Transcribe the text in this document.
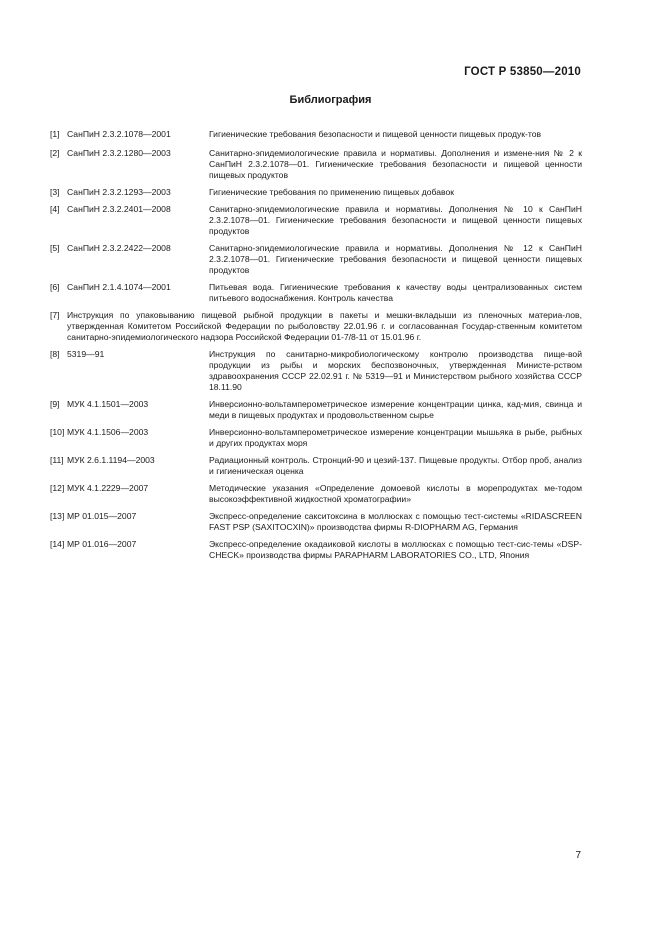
ГОСТ Р 53850—2010
Библиография
[1] СанПиН 2.3.2.1078—2001	Гигиенические требования безопасности и пищевой ценности пищевых продук-тов
[2] СанПиН 2.3.2.1280—2003	Санитарно-эпидемиологические правила и нормативы. Дополнения и измене-ния № 2 к СанПиН 2.3.2.1078—01. Гигиенические требования безопасности и пищевой ценности пищевых продуктов
[3] СанПиН 2.3.2.1293—2003	Гигиенические требования по применению пищевых добавок
[4] СанПиН 2.3.2.2401—2008	Санитарно-эпидемиологические правила и нормативы. Дополнения № 10 к СанПиН 2.3.2.1078—01. Гигиенические требования безопасности и пищевой ценности пищевых продуктов
[5] СанПиН 2.3.2.2422—2008	Санитарно-эпидемиологические правила и нормативы. Дополнения № 12 к СанПиН 2.3.2.1078—01. Гигиенические требования безопасности и пищевой ценности пищевых продуктов
[6] СанПиН 2.1.4.1074—2001	Питьевая вода. Гигиенические требования к качеству воды централизованных систем питьевого водоснабжения. Контроль качества
[7] Инструкция по упаковыванию пищевой рыбной продукции в пакеты и мешки-вкладыши из пленочных материа-лов, утвержденная Комитетом Российской Федерации по рыболовству 22.01.96 г. и согласованная Государ-ственным комитетом санитарно-эпидемиологического надзора Российской Федерации 01-7/8-11 от 15.01.96 г.
[8] 5319—91	Инструкция по санитарно-микробиологическому контролю производства пище-вой продукции из рыбы и морских беспозвоночных, утвержденная Министе-рством здравоохранения СССР 22.02.91 г. № 5319—91 и Министерством рыбного хозяйства СССР 18.11.90
[9] МУК 4.1.1501—2003	Инверсионно-вольтамперометрическое измерение концентрации цинка, кад-мия, свинца и меди в пищевых продуктах и продовольственном сырье
[10] МУК 4.1.1506—2003	Инверсионно-вольтамперометрическое измерение концентрации мышьяка в рыбе, рыбных и других продуктах моря
[11] МУК 2.6.1.1194—2003	Радиационный контроль. Стронций-90 и цезий-137. Пищевые продукты. Отбор проб, анализ и гигиеническая оценка
[12] МУК 4.1.2229—2007	Методические указания «Определение домоевой кислоты в морепродуктах ме-тодом высокоэффективной жидкостной хроматографии»
[13] МР 01.015—2007	Экспресс-определение сакситоксина в моллюсках с помощью тест-системы «RIDASCREEN FAST PSP (SAXITOCXIN)» производства фирмы R-DIOPHARM AG, Германия
[14] МР 01.016—2007	Экспресс-определение окадаиковой кислоты в моллюсках с помощью тест-сис-темы «DSP-CHECK» производства фирмы PARAPHARM LABORATORIES CO., LTD, Япония
7
